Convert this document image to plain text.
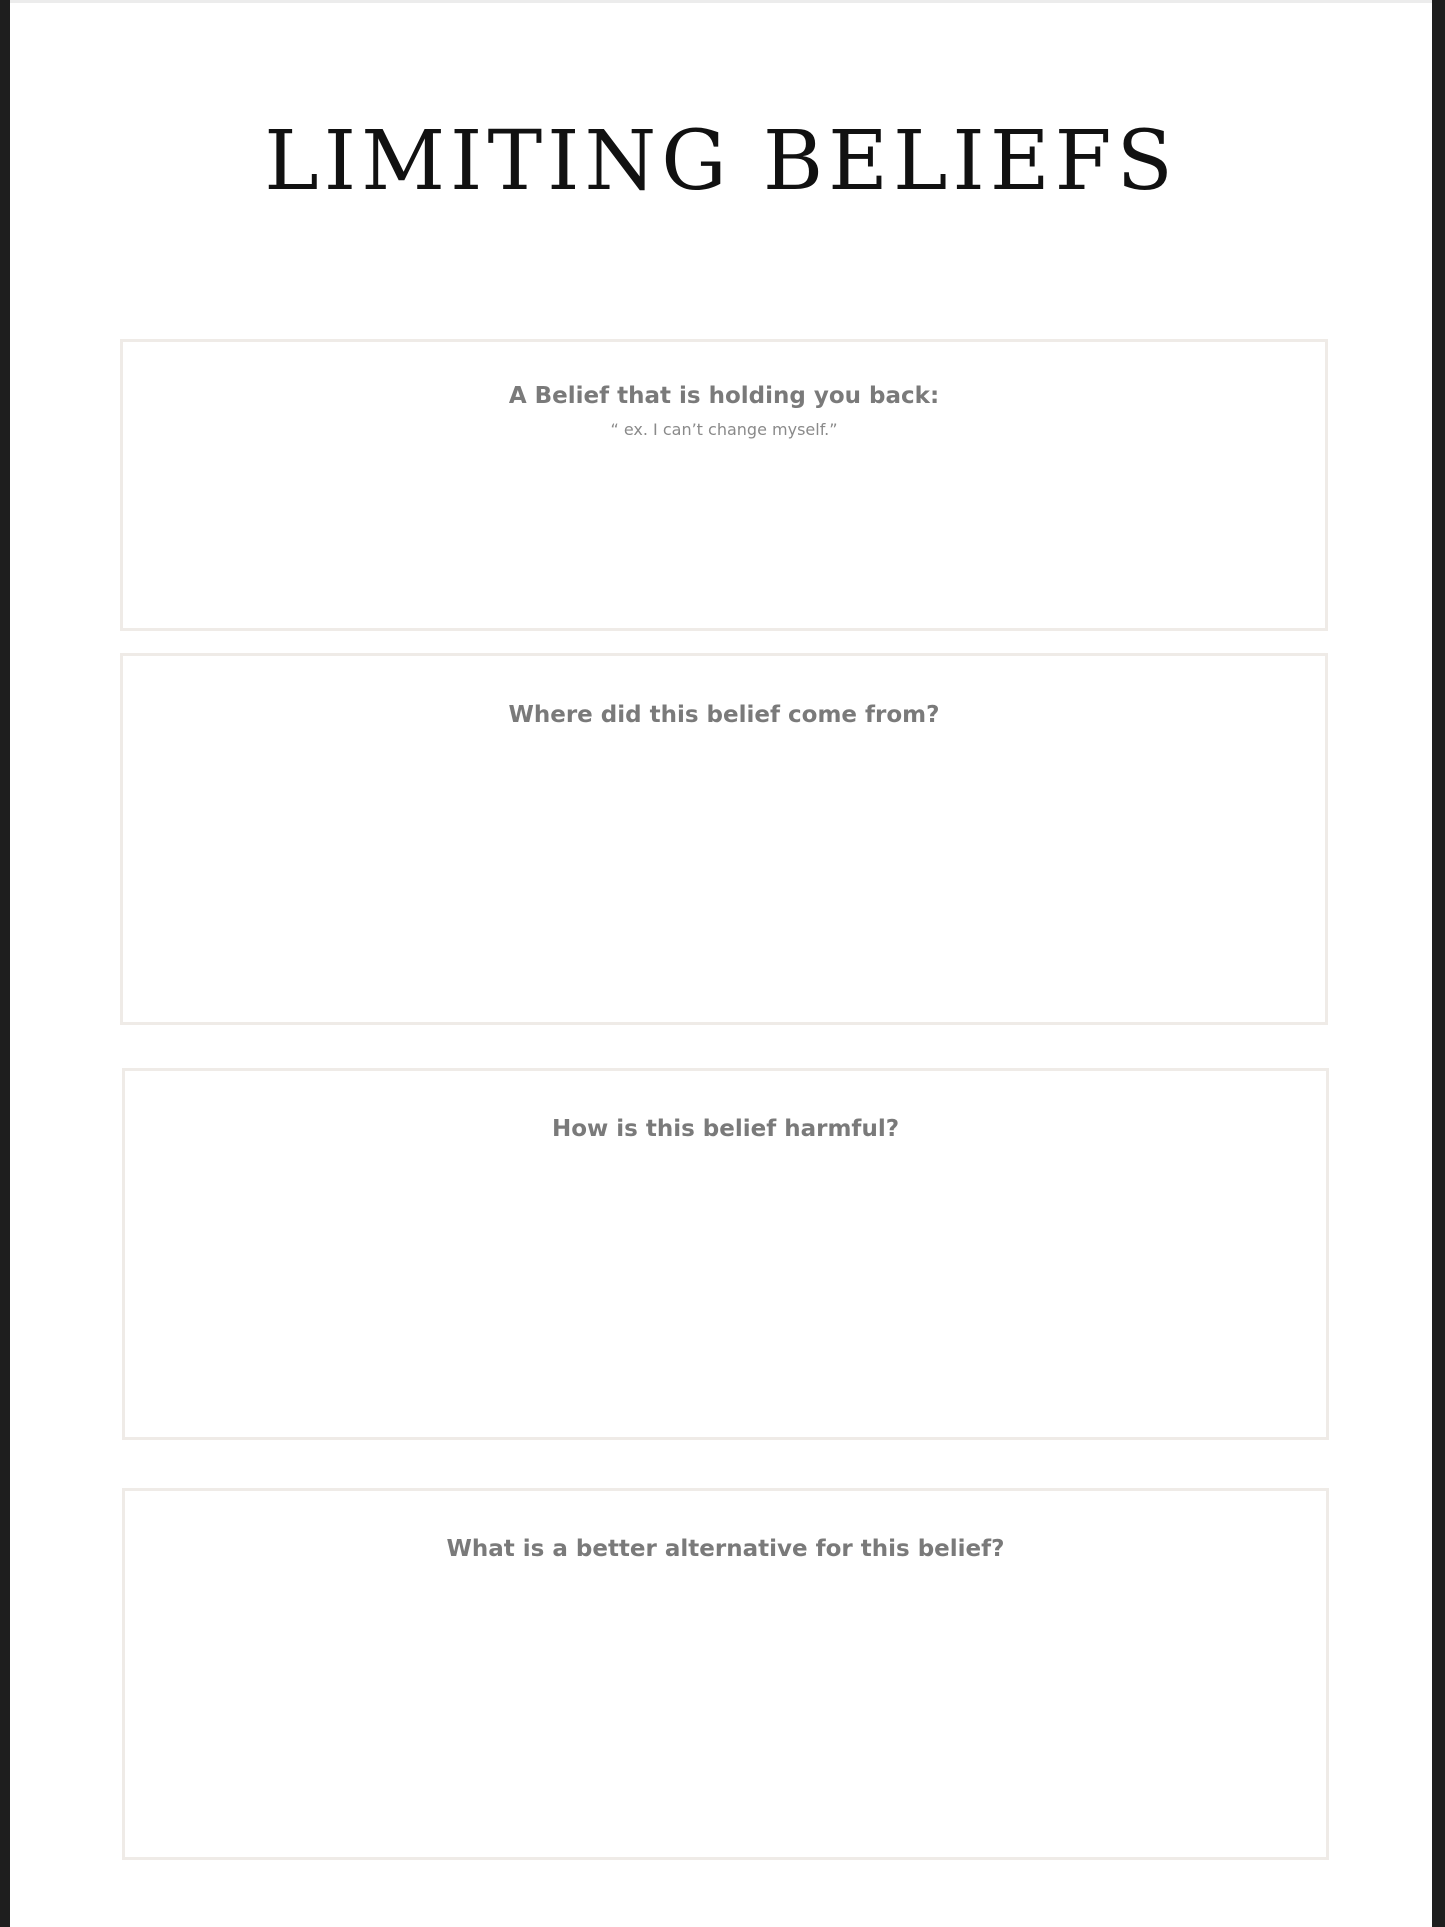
LIMITING BELIEFS
A Belief that is holding you back:
“ ex. I can’t change myself.”
Where did this belief come from?
How is this belief harmful?
What is a better alternative for this belief?
